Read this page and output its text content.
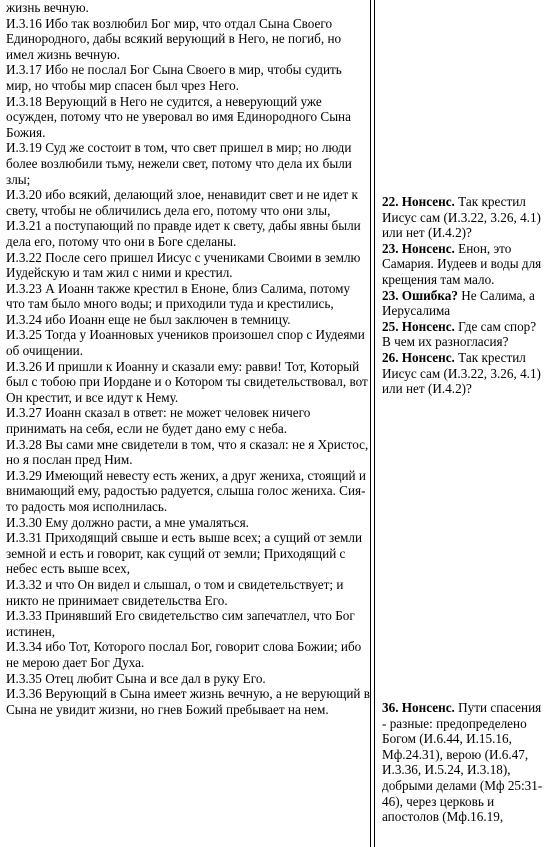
жизнь вечную.

И.3.16 Ибо так возлюбил Бог мир, что отдал Сына Своего Единородного, дабы всякий верующий в Него, не погиб, но имел жизнь вечную.

И.3.17 Ибо не послал Бог Сына Своего в мир, чтобы судить мир, но чтобы мир спасен был чрез Него.

И.3.18 Верующий в Него не судится, а неверующий уже осужден, потому что не уверовал во имя Единородного Сына Божия.

И.3.19 Суд же состоит в том, что свет пришел в мир; но люди более возлюбили тьму, нежели свет, потому что дела их были злы;

И.3.20 ибо всякий, делающий злое, ненавидит свет и не идет к свету, чтобы не обличились дела его, потому что они злы,

И.3.21 а поступающий по правде идет к свету, дабы явны были дела его, потому что они в Боге сделаны.

И.3.22 После сего пришел Иисус с учениками Своими в землю Иудейскую и там жил с ними и крестил.

И.3.23 А Иоанн также крестил в Еноне, близ Салима, потому что там было много воды; и приходили туда и крестились,

И.3.24 ибо Иоанн еще не был заключен в темницу.

И.3.25 Тогда у Иоанновых учеников произошел спор с Иудеями об очищении.

И.3.26 И пришли к Иоанну и сказали ему: равви! Тот, Который был с тобою при Иордане и о Котором ты свидетельствовал, вот Он крестит, и все идут к Нему.

И.3.27 Иоанн сказал в ответ: не может человек ничего принимать на себя, если не будет дано ему с неба.

И.3.28 Вы сами мне свидетели в том, что я сказал: не я Христос, но я послан пред Ним.

И.3.29 Имеющий невесту есть жених, а друг жениха, стоящий и внимающий ему, радостью радуется, слыша голос жениха. Сия-то радость моя исполнилась.

И.3.30 Ему должно расти, а мне умаляться.

И.3.31 Приходящий свыше и есть выше всех; а сущий от земли земной и есть и говорит, как сущий от земли; Приходящий с небес есть выше всех,

И.3.32 и что Он видел и слышал, о том и свидетельствует; и никто не принимает свидетельства Его.

И.3.33 Принявший Его свидетельство сим запечатлел, что Бог истинен,

И.3.34 ибо Тот, Которого послал Бог, говорит слова Божии; ибо не мерою дает Бог Духа.

И.3.35 Отец любит Сына и все дал в руку Его.

И.3.36 Верующий в Сына имеет жизнь вечную, а не верующий в Сына не увидит жизни, но гнев Божий пребывает на нем.

22. Нонсенс. Так крестил Иисус сам (И.3.22, 3.26, 4.1) или нет (И.4.2)?

23. Нонсенс. Енон, это Самария. Иудеев и воды для крещения там мало.

23. Ошибка? Не Салима, а Иерусалима

25. Нонсенс. Где сам спор? В чем их разногласия?

26. Нонсенс. Так крестил Иисус сам (И.3.22, 3.26, 4.1) или нет (И.4.2)?

36. Нонсенс. Пути спасения - разные: предопределено Богом (И.6.44, И.15.16, Мф.24.31), верою (И.6.47, И.3.36, И.5.24, И.3.18), добрыми делами (Мф 25:31-46), через церковь и апостолов (Мф.16.19,
